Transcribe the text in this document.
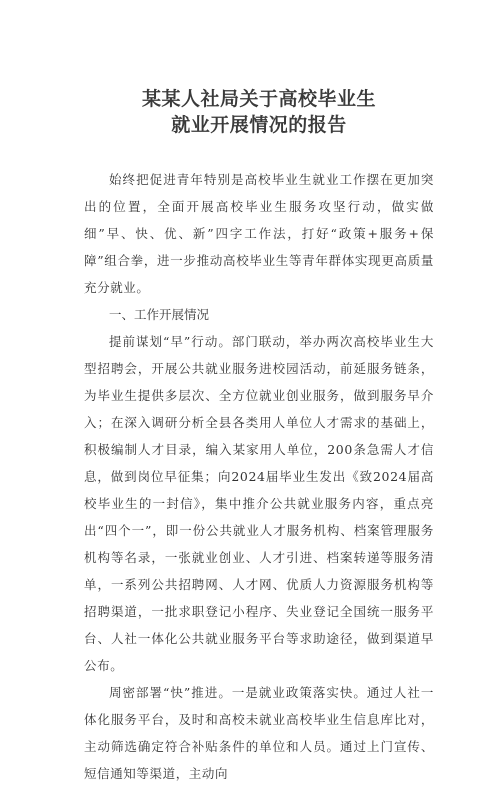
某某人社局关于高校毕业生
就业开展情况的报告

始终把促进青年特别是高校毕业生就业工作摆在更加突出的位置，全面开展高校毕业生服务攻坚行动，做实做细”早、快、优、新”四字工作法，打好“政策+服务+保障”组合拳，进一步推动高校毕业生等青年群体实现更高质量充分就业。

一、工作开展情况

提前谋划“早”行动。部门联动，举办两次高校毕业生大型招聘会，开展公共就业服务进校园活动，前延服务链条，为毕业生提供多层次、全方位就业创业服务，做到服务早介入；在深入调研分析全县各类用人单位人才需求的基础上，积极编制人才目录，编入某家用人单位，200条急需人才信息，做到岗位早征集；向2024届毕业生发出《致2024届高校毕业生的一封信》，集中推介公共就业服务内容，重点亮出“四个一”，即一份公共就业人才服务机构、档案管理服务机构等名录，一张就业创业、人才引进、档案转递等服务清单，一系列公共招聘网、人才网、优质人力资源服务机构等招聘渠道，一批求职登记小程序、失业登记全国统一服务平台、人社一体化公共就业服务平台等求助途径，做到渠道早公布。

周密部署“快”推进。一是就业政策落实快。通过人社一体化服务平台，及时和高校未就业高校毕业生信息库比对，主动筛选确定符合补贴条件的单位和人员。通过上门宣传、短信通知等渠道，主动向
